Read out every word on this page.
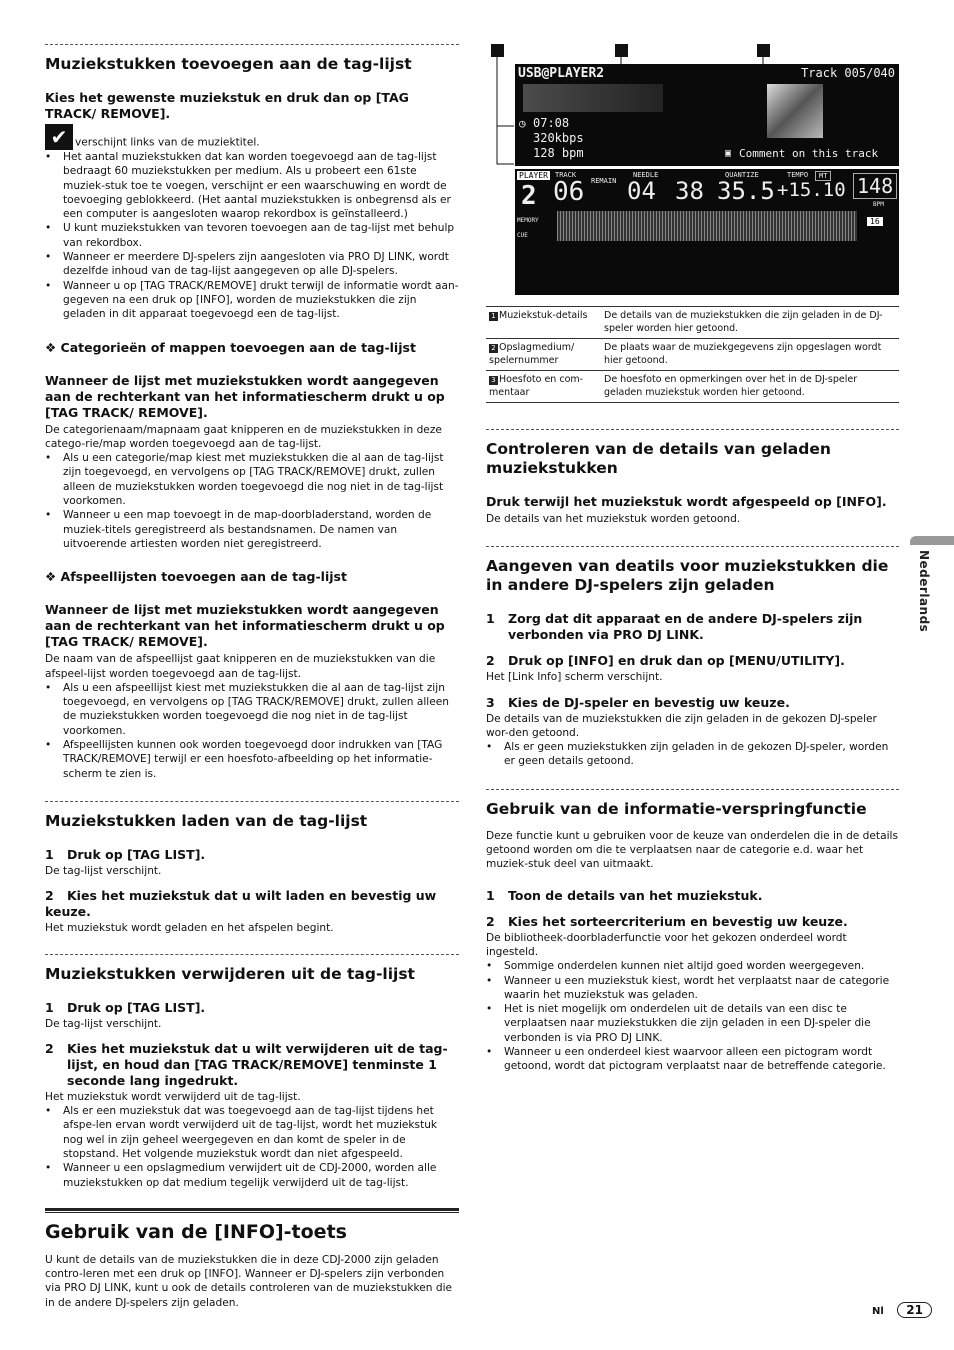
Muziekstukken toevoegen aan de tag-lijst
Kies het gewenste muziekstuk en druk dan op [TAG TRACK/ REMOVE].
✔ verschijnt links van de muziektitel.
• Het aantal muziekstukken dat kan worden toegevoegd aan de tag-lijst bedraagt 60 muziekstukken per medium. Als u probeert een 61ste muziek-stuk toe te voegen, verschijnt er een waarschuwing en wordt de toevoeging geblokkeerd. (Het aantal muziekstukken is onbegrensd als er een computer is aangesloten waarop rekordbox is geïnstalleerd.)
• U kunt muziekstukken van tevoren toevoegen aan de tag-lijst met behulp van rekordbox.
• Wanneer er meerdere DJ-spelers zijn aangesloten via PRO DJ LINK, wordt dezelfde inhoud van de tag-lijst aangegeven op alle DJ-spelers.
• Wanneer u op [TAG TRACK/REMOVE] drukt terwijl de informatie wordt aan-gegeven na een druk op [INFO], worden de muziekstukken die zijn geladen in dit apparaat toegevoegd een de tag-lijst.
❖ Categorieën of mappen toevoegen aan de tag-lijst
Wanneer de lijst met muziekstukken wordt aangegeven aan de rechterkant van het informatiescherm drukt u op [TAG TRACK/ REMOVE].
De categorienaam/mapnaam gaat knipperen en de muziekstukken in deze catego-rie/map worden toegevoegd aan de tag-lijst.
• Als u een categorie/map kiest met muziekstukken die al aan de tag-lijst zijn toegevoegd, en vervolgens op [TAG TRACK/REMOVE] drukt, zullen alleen de muziekstukken worden toegevoegd die nog niet in de tag-lijst voorkomen.
• Wanneer u een map toevoegt in de map-doorbladerstand, worden de muziek-titels geregistreerd als bestandsnamen. De namen van uitvoerende artiesten worden niet geregistreerd.
❖ Afspeellijsten toevoegen aan de tag-lijst
Wanneer de lijst met muziekstukken wordt aangegeven aan de rechterkant van het informatiescherm drukt u op [TAG TRACK/ REMOVE].
De naam van de afspeellijst gaat knipperen en de muziekstukken van die afspeel-lijst worden toegevoegd aan de tag-lijst.
• Als u een afspeellijst kiest met muziekstukken die al aan de tag-lijst zijn toegevoegd, en vervolgens op [TAG TRACK/REMOVE] drukt, zullen alleen de muziekstukken worden toegevoegd die nog niet in de tag-lijst voorkomen.
• Afspeellijsten kunnen ook worden toegevoegd door indrukken van [TAG TRACK/REMOVE] terwijl er een hoesfoto-afbeelding op het informatie-scherm te zien is.
Muziekstukken laden van de tag-lijst
1 Druk op [TAG LIST].
De tag-lijst verschijnt.
2 Kies het muziekstuk dat u wilt laden en bevestig uw keuze.
Het muziekstuk wordt geladen en het afspelen begint.
Muziekstukken verwijderen uit de tag-lijst
1 Druk op [TAG LIST].
De tag-lijst verschijnt.
2	Kies het muziekstuk dat u wilt verwijderen uit de tag-lijst, en houd dan [TAG TRACK/REMOVE] tenminste 1 seconde lang ingedrukt.
Het muziekstuk wordt verwijderd uit de tag-lijst.
• Als er een muziekstuk dat was toegevoegd aan de tag-lijst tijdens het afspe-len ervan wordt verwijderd uit de tag-lijst, wordt het muziekstuk nog wel in zijn geheel weergegeven en dan komt de speler in de stopstand. Het volgende muziekstuk wordt dan niet afgespeeld.
• Wanneer u een opslagmedium verwijdert uit de CDJ-2000, worden alle muziekstukken op dat medium tegelijk verwijderd uit de tag-lijst.
Gebruik van de [INFO]-toets
U kunt de details van de muziekstukken die in deze CDJ-2000 zijn geladen contro-leren met een druk op [INFO]. Wanneer er DJ-spelers zijn verbonden via PRO DJ LINK, kunt u ook de details controleren van de muziekstukken die in de andere DJ-spelers zijn geladen.
USB@PLAYER2	Track 005/040
◷ 07:08
320kbps
128 bpm	▣ Comment on this track
PLAYER
2
TRACK
06 REMAIN
NEEDLE
04 38 35.5
QUANTIZE	TEMPO	MT
+15.10 148
BPM
MEMORY
CUE
16
1 Muziekstuk-details	De details van de muziekstukken die zijn geladen in de DJ-speler worden hier getoond.
2 Opslagmedium/ spelernummer	De plaats waar de muziekgegevens zijn opgeslagen wordt hier getoond.
3 Hoesfoto en com-mentaar	De hoesfoto en opmerkingen over het in de DJ-speler geladen muziekstuk worden hier getoond.
Controleren van de details van geladen muziekstukken
Druk terwijl het muziekstuk wordt afgespeeld op [INFO].
De details van het muziekstuk worden getoond.
Aangeven van deatils voor muziekstukken die in andere DJ-spelers zijn geladen
1	Zorg dat dit apparaat en de andere DJ-spelers zijn verbonden via PRO DJ LINK.
2 Druk op [INFO] en druk dan op [MENU/UTILITY].
Het [Link Info] scherm verschijnt.
3 Kies de DJ-speler en bevestig uw keuze.
De details van de muziekstukken die zijn geladen in de gekozen DJ-speler wor-den getoond.
• Als er geen muziekstukken zijn geladen in de gekozen DJ-speler, worden er geen details getoond.
Gebruik van de informatie-verspringfunctie
Deze functie kunt u gebruiken voor de keuze van onderdelen die in de details getoond worden om die te verplaatsen naar de categorie e.d. waar het muziek-stuk deel van uitmaakt.
1 Toon de details van het muziekstuk.
2 Kies het sorteercriterium en bevestig uw keuze.
De bibliotheek-doorbladerfunctie voor het gekozen onderdeel wordt ingesteld.
• Sommige onderdelen kunnen niet altijd goed worden weergegeven.
• Wanneer u een muziekstuk kiest, wordt het verplaatst naar de categorie waarin het muziekstuk was geladen.
• Het is niet mogelijk om onderdelen uit de details van een disc te verplaatsen naar muziekstukken die zijn geladen in een DJ-speler die verbonden is via PRO DJ LINK.
• Wanneer u een onderdeel kiest waarvoor alleen een pictogram wordt getoond, wordt dat pictogram verplaatst naar de betreffende categorie.
Nederlands
Nl 21
